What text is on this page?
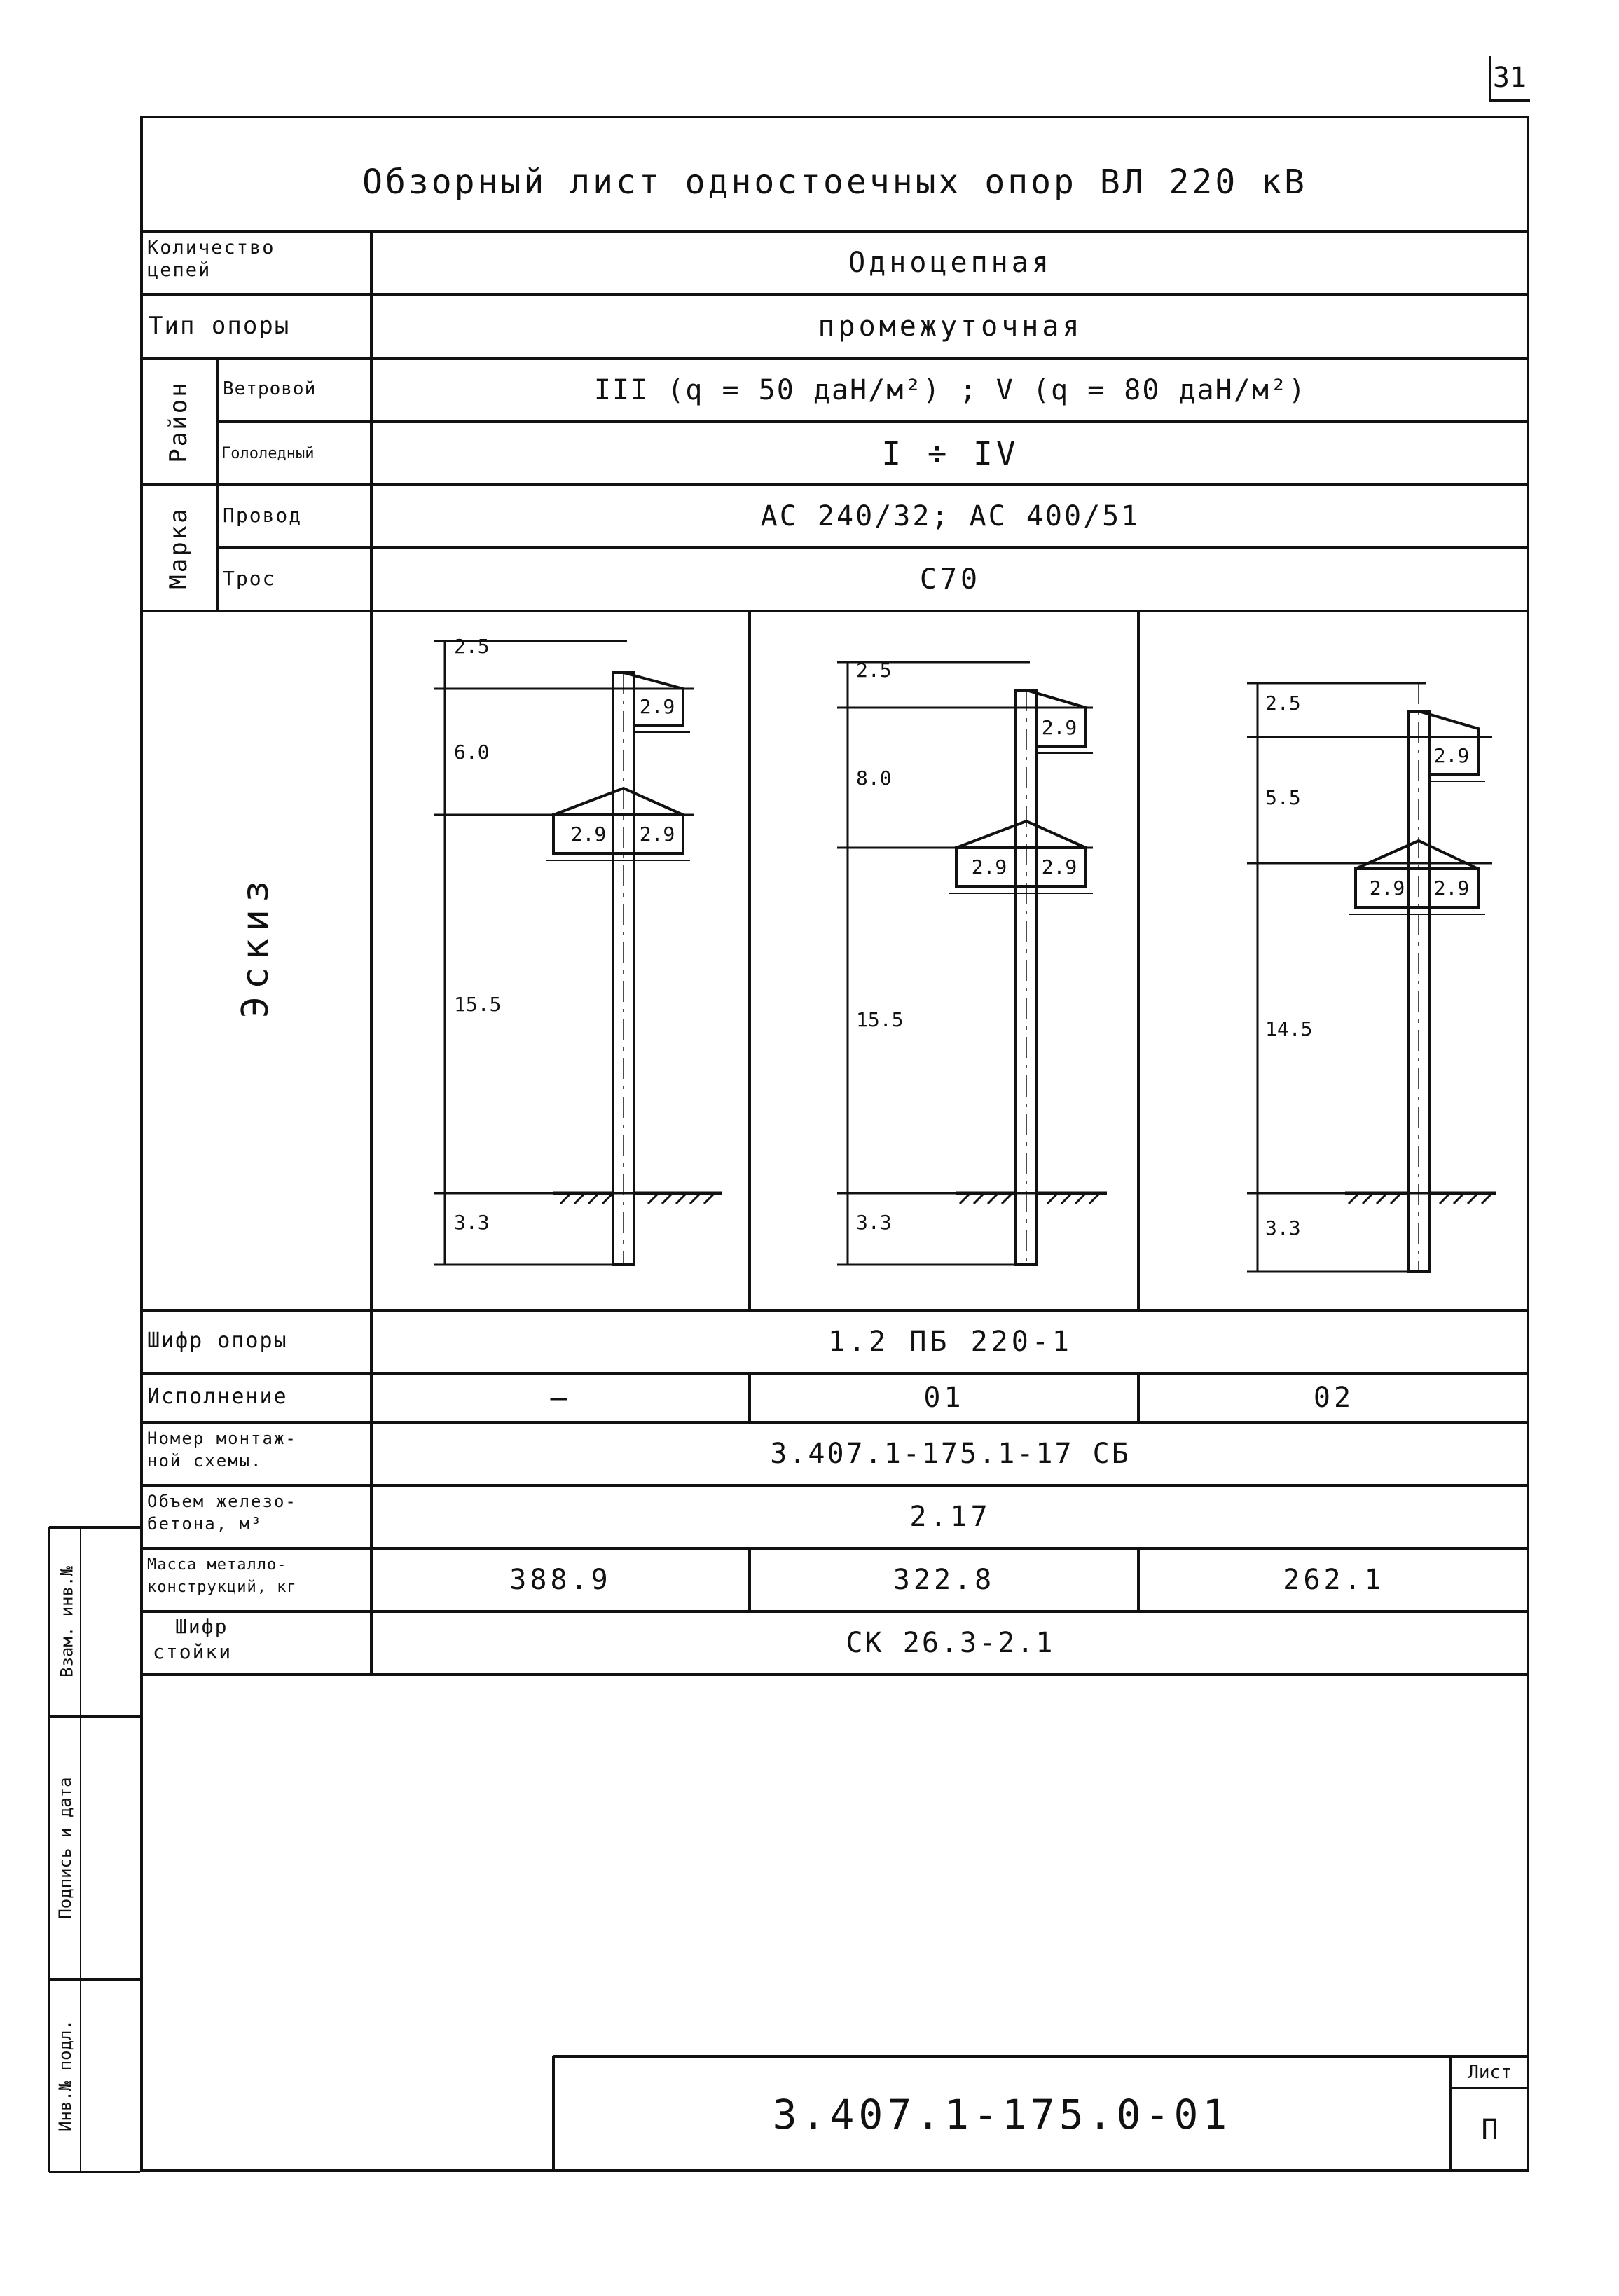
31
Обзорный лист одностоечных опор ВЛ 220 кВ
Количество
цепей	Одноцепная
Тип опоры	промежуточная
Район	Ветровой	III (q = 50 даН/м²) ; V (q = 80 даН/м²)
Гололедный	I ÷ IV
Марка	Провод	АС 240/32; АС 400/51
Трос	С70
Эскиз
2.5
6.0
15.5
3.3
2.9
2.9 2.9
2.5
8.0
15.5
3.3
2.9
2.9 2.9
2.5
5.5
14.5
3.3
2.9
2.9 2.9
Шифр опоры	1.2 ПБ 220-1
Исполнение	—	01	02
Номер монтаж-
ной схемы.	3.407.1-175.1-17 СБ
Объем железо-
бетона, м³	2.17
Масса металло-
конструкций, кг	388.9	322.8	262.1
Шифр
стойки	СК 26.3-2.1
Инв.№ подл.
Подпись и дата
Взам. инв.№
3.407.1-175.0-01
Лист
П
